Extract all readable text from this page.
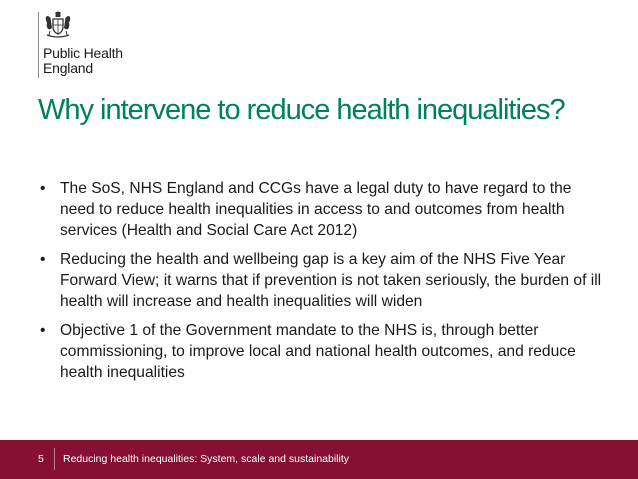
Public Health
England
Why intervene to reduce health inequalities?
• The SoS, NHS England and CCGs have a legal duty to have regard to the need to reduce health inequalities in access to and outcomes from health services (Health and Social Care Act 2012)
• Reducing the health and wellbeing gap is a key aim of the NHS Five Year Forward View; it warns that if prevention is not taken seriously, the burden of ill health will increase and health inequalities will widen
• Objective 1 of the Government mandate to the NHS is, through better commissioning, to improve local and national health outcomes, and reduce health inequalities
5 Reducing health inequalities: System, scale and sustainability
